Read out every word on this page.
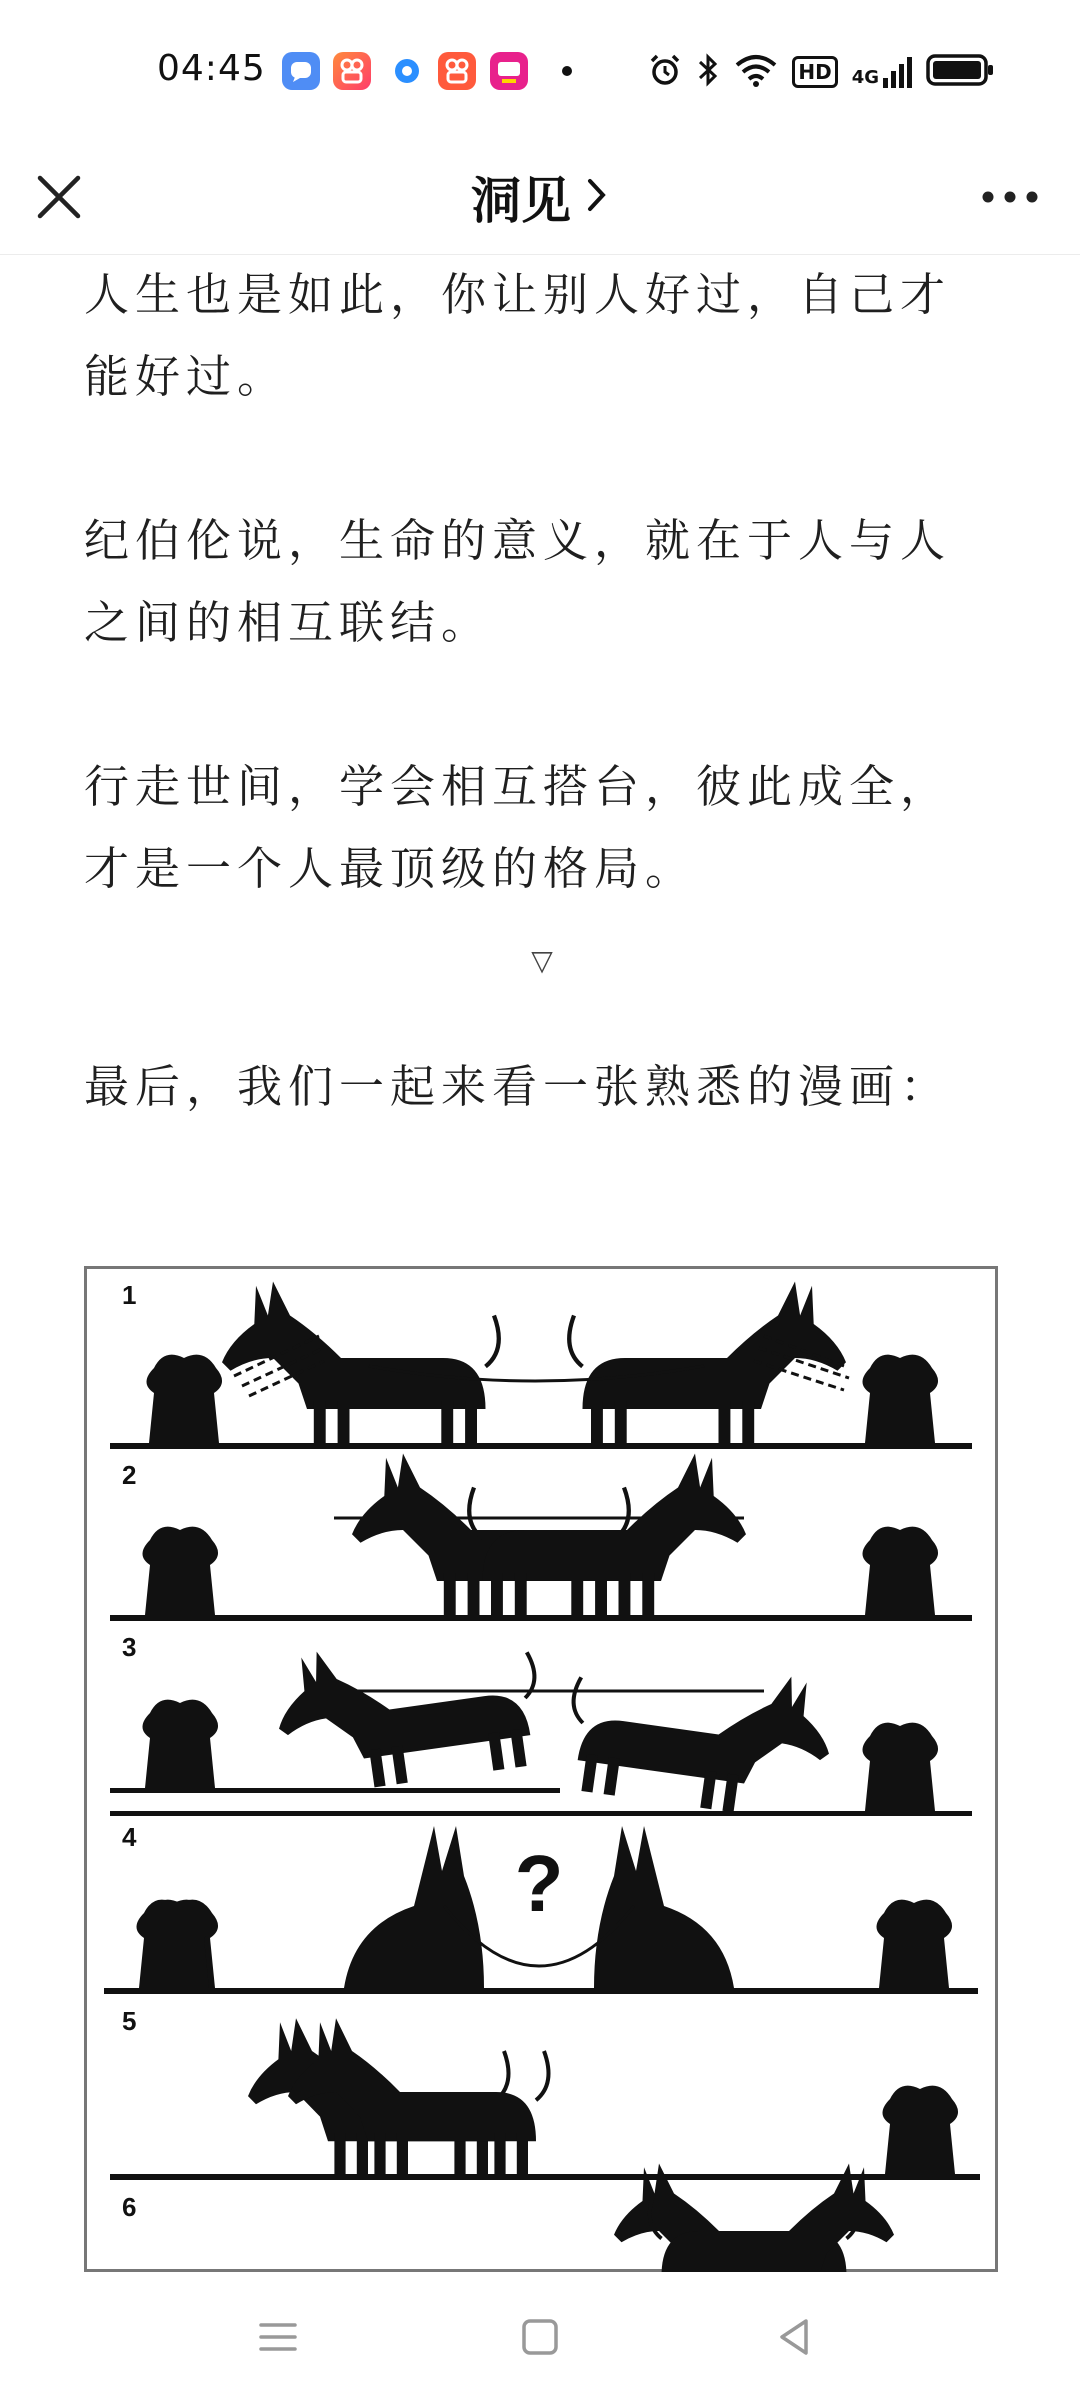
04:45	HD	4G
洞见

人生也是如此，你让别人好过，自己才能好过。

纪伯伦说，生命的意义，就在于人与人之间的相互联结。

行走世间，学会相互搭台，彼此成全，才是一个人最顶级的格局。

▽

最后，我们一起来看一张熟悉的漫画：

1
2
3
4
5
6
?
